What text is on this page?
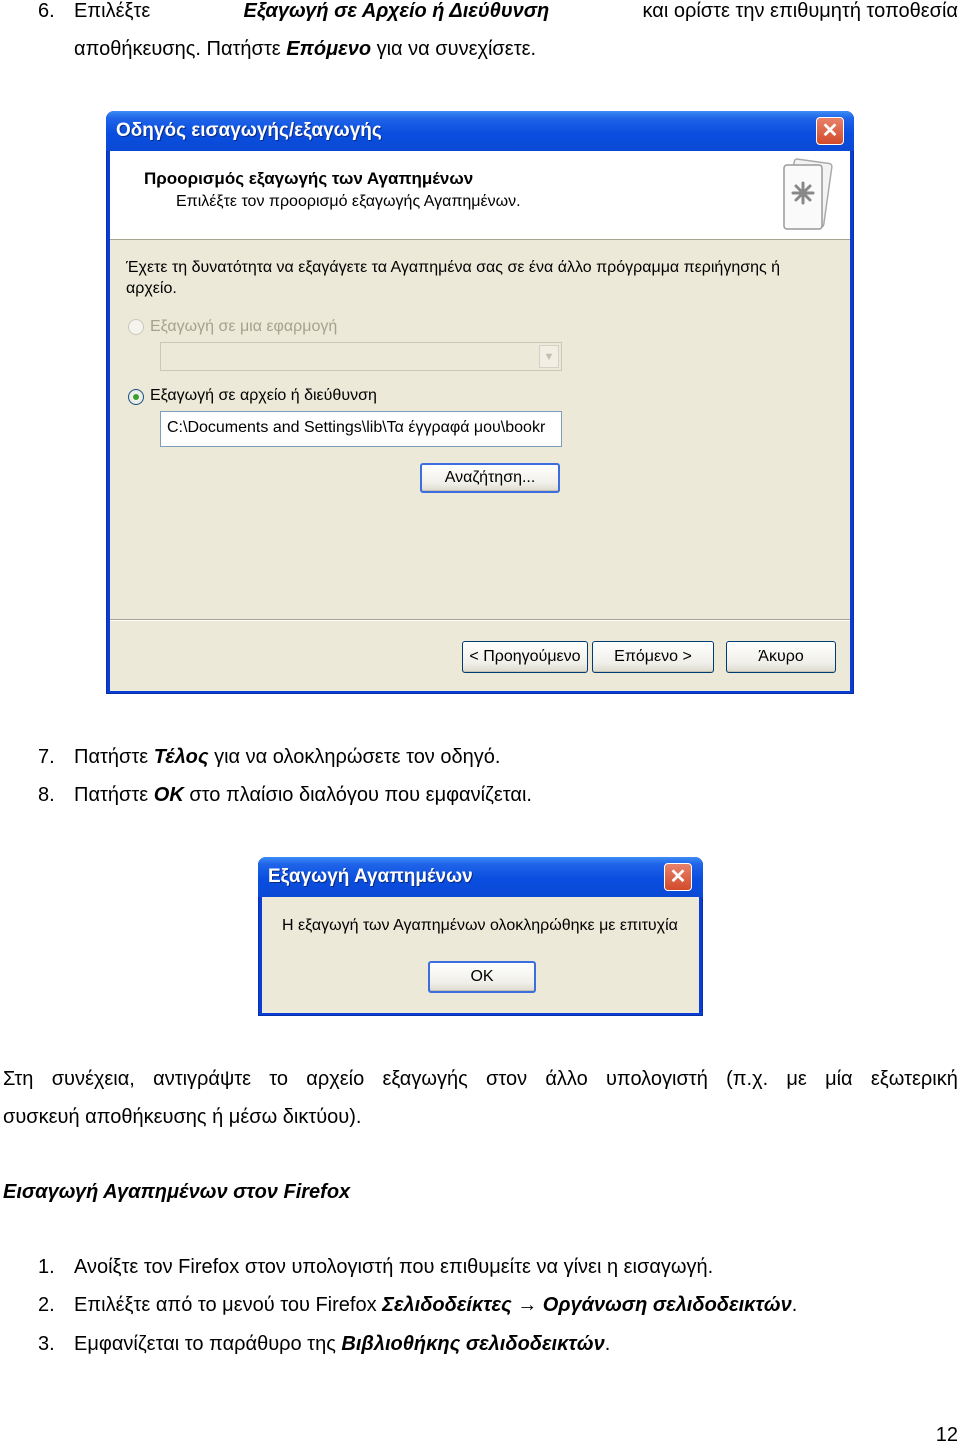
6. Επιλέξτε	Εξαγωγή σε Αρχείο ή Διεύθυνση	και ορίστε την επιθυμητή τοποθεσία
αποθήκευσης. Πατήστε Επόμενο για να συνεχίσετε.
Οδηγός εισαγωγής/εξαγωγής	✕
Προορισμός εξαγωγής των Αγαπημένων
Επιλέξτε τον προορισμό εξαγωγής Αγαπημένων.
Έχετε τη δυνατότητα να εξαγάγετε τα Αγαπημένα σας σε ένα άλλο πρόγραμμα περιήγησης ή
αρχείο.
Εξαγωγή σε μια εφαρμογή
▼
Εξαγωγή σε αρχείο ή διεύθυνση
C:\Documents and Settings\lib\Τα έγγραφά μου\bookr
Αναζήτηση...
< Προηγούμενο	Επόμενο >	Άκυρο
7. Πατήστε Τέλος για να ολοκληρώσετε τον οδηγό.
8. Πατήστε OK στο πλαίσιο διαλόγου που εμφανίζεται.
Εξαγωγή Αγαπημένων	✕
Η εξαγωγή των Αγαπημένων ολοκληρώθηκε με επιτυχία
OK
Στη συνέχεια, αντιγράψτε το αρχείο εξαγωγής στον άλλο υπολογιστή (π.χ. με μία εξωτερική
συσκευή αποθήκευσης ή μέσω δικτύου).
Εισαγωγή Αγαπημένων στον Firefox
1. Ανοίξτε τον Firefox στον υπολογιστή που επιθυμείτε να γίνει η εισαγωγή.
2. Επιλέξτε από το μενού του Firefox Σελιδοδείκτες → Οργάνωση σελιδοδεικτών.
3. Εμφανίζεται το παράθυρο της Βιβλιοθήκης σελιδοδεικτών.
12
